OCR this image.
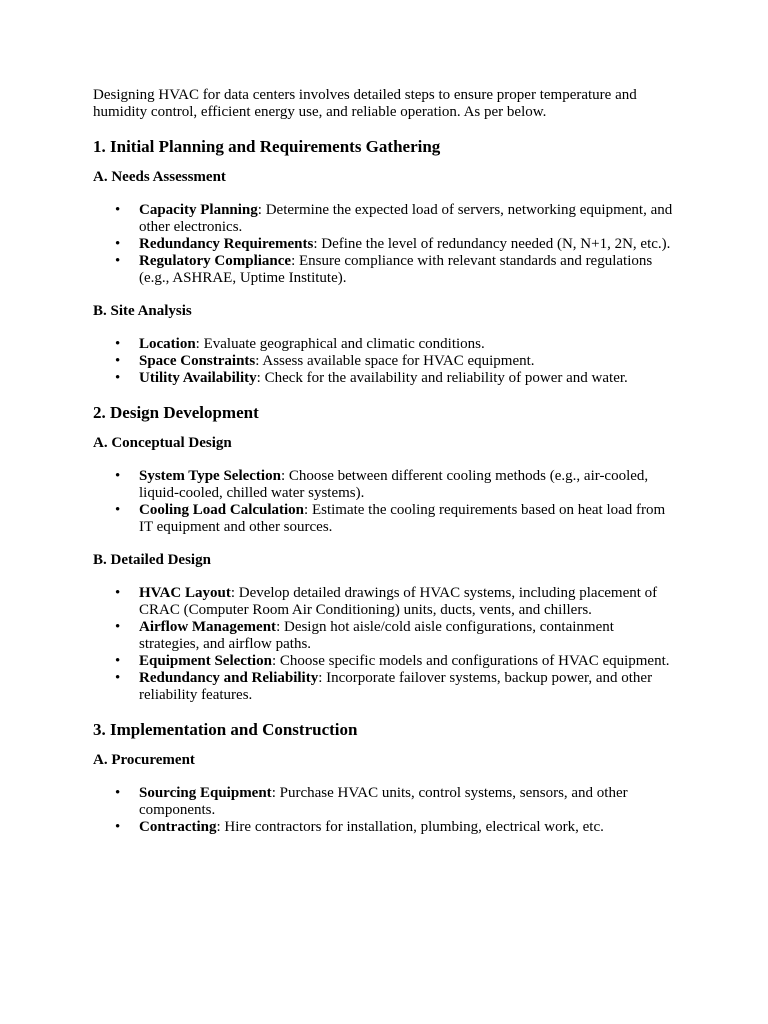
Designing HVAC for data centers involves detailed steps to ensure proper temperature and humidity control, efficient energy use, and reliable operation. As per below.

1. Initial Planning and Requirements Gathering
A. Needs Assessment
• Capacity Planning: Determine the expected load of servers, networking equipment, and other electronics.
• Redundancy Requirements: Define the level of redundancy needed (N, N+1, 2N, etc.).
• Regulatory Compliance: Ensure compliance with relevant standards and regulations (e.g., ASHRAE, Uptime Institute).
B. Site Analysis
• Location: Evaluate geographical and climatic conditions.
• Space Constraints: Assess available space for HVAC equipment.
• Utility Availability: Check for the availability and reliability of power and water.
2. Design Development
A. Conceptual Design
• System Type Selection: Choose between different cooling methods (e.g., air-cooled, liquid-cooled, chilled water systems).
• Cooling Load Calculation: Estimate the cooling requirements based on heat load from IT equipment and other sources.
B. Detailed Design
• HVAC Layout: Develop detailed drawings of HVAC systems, including placement of CRAC (Computer Room Air Conditioning) units, ducts, vents, and chillers.
• Airflow Management: Design hot aisle/cold aisle configurations, containment strategies, and airflow paths.
• Equipment Selection: Choose specific models and configurations of HVAC equipment.
• Redundancy and Reliability: Incorporate failover systems, backup power, and other reliability features.
3. Implementation and Construction
A. Procurement
• Sourcing Equipment: Purchase HVAC units, control systems, sensors, and other components.
• Contracting: Hire contractors for installation, plumbing, electrical work, etc.
